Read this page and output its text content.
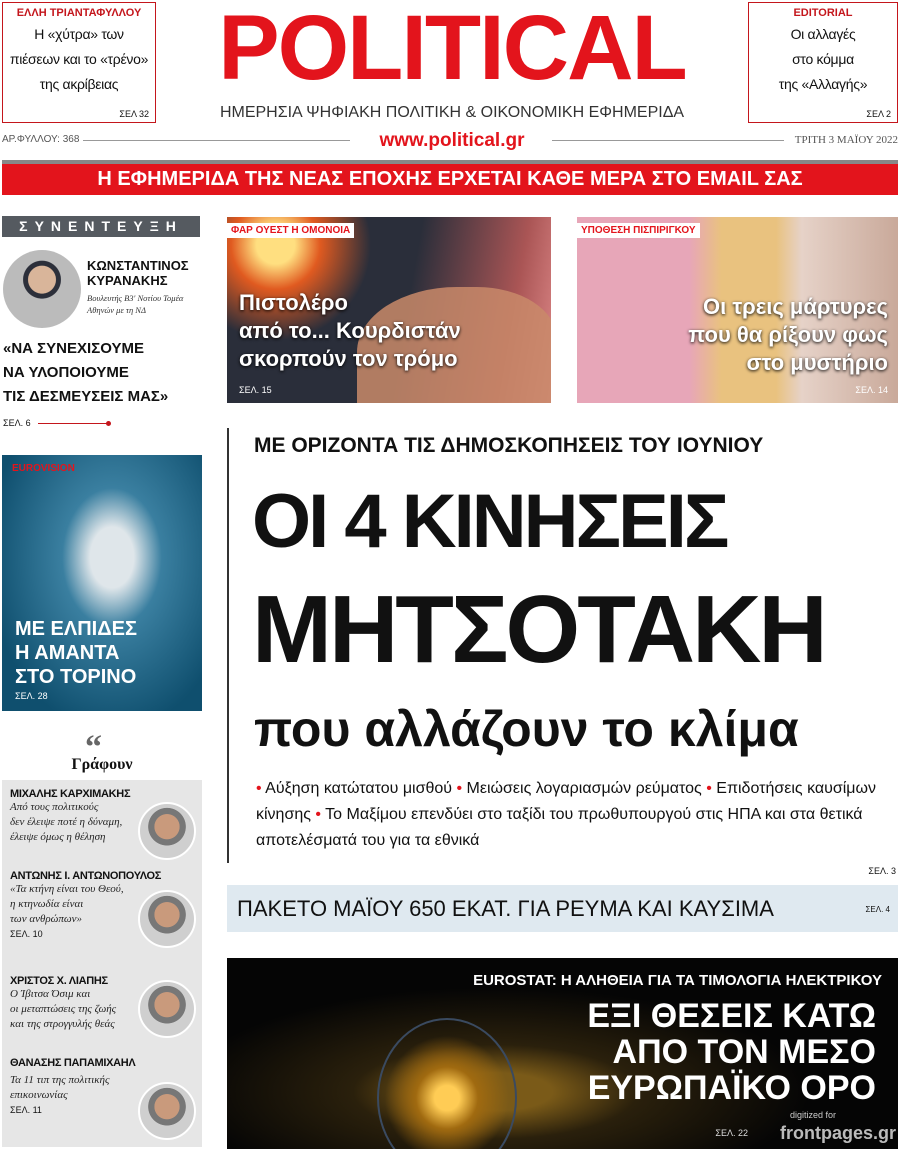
ΕΛΛΗ ΤΡΙΑΝΤΑΦΥΛΛΟΥ
Η «χύτρα» των
πιέσεων και το «τρένο»
της ακρίβειας
ΣΕΛ 32
POLITICAL
ΗΜΕΡΗΣΙΑ ΨΗΦΙΑΚΗ ΠΟΛΙΤΙΚΗ & ΟΙΚΟΝΟΜΙΚΗ ΕΦΗΜΕΡΙΔΑ
EDITORIAL
Οι αλλαγές
στο κόμμα
της «Αλλαγής»
ΣΕΛ 2
ΑΡ.ΦΥΛΛΟΥ: 368	www.political.gr	ΤΡΙΤΗ 3 ΜΑΪΟΥ 2022
Η ΕΦΗΜΕΡΙΔΑ ΤΗΣ ΝΕΑΣ ΕΠΟΧΗΣ ΕΡΧΕΤΑΙ ΚΑΘΕ ΜΕΡΑ ΣΤΟ EMAIL ΣΑΣ
ΣΥΝΕΝΤΕΥΞΗ
ΚΩΝΣΤΑΝΤΙΝΟΣ
ΚΥΡΑΝΑΚΗΣ
Βουλευτής Β3' Νοτίου Τομέα
Αθηνών με τη ΝΔ
«ΝΑ ΣΥΝΕΧΙΣΟΥΜΕ
ΝΑ ΥΛΟΠΟΙΟΥΜΕ
ΤΙΣ ΔΕΣΜΕΥΣΕΙΣ ΜΑΣ»
ΣΕΛ. 6
EUROVISION
ΜΕ ΕΛΠΙΔΕΣ
Η ΑΜΑΝΤΑ
ΣΤΟ ΤΟΡΙΝΟ
ΣΕΛ. 28
“
Γράφουν
ΜΙΧΑΛΗΣ ΚΑΡΧΙΜΑΚΗΣ
Από τους πολιτικούς
δεν έλειψε ποτέ η δύναμη,
έλειψε όμως η θέληση
ΑΝΤΩΝΗΣ Ι. ΑΝΤΩΝΟΠΟΥΛΟΣ
«Τα κτήνη είναι του Θεού,
η κτηνωδία είναι
των ανθρώπων»
ΣΕΛ. 10
ΧΡΙΣΤΟΣ Χ. ΛΙΑΠΗΣ
Ο Ίβιτσα Όσιμ και
οι μεταπτώσεις της ζωής
και της στρογγυλής θεάς
ΘΑΝΑΣΗΣ ΠΑΠΑΜΙΧΑΗΛ
Τα 11 τιπ της πολιτικής
επικοινωνίας
ΣΕΛ. 11
ΦΑΡ ΟΥΕΣΤ Η ΟΜΟΝΟΙΑ
Πιστολέρο
από το... Κουρδιστάν
σκορπούν τον τρόμο
ΣΕΛ. 15
ΥΠΟΘΕΣΗ ΠΙΣΠΙΡΙΓΚΟΥ
Οι τρεις μάρτυρες
που θα ρίξουν φως
στο μυστήριο
ΣΕΛ. 14
ΜΕ ΟΡΙΖΟΝΤΑ ΤΙΣ ΔΗΜΟΣΚΟΠΗΣΕΙΣ ΤΟΥ ΙΟΥΝΙΟΥ
ΟΙ 4 ΚΙΝΗΣΕΙΣ
ΜΗΤΣΟΤΑΚΗ
που αλλάζουν το κλίμα
• Αύξηση κατώτατου μισθού • Μειώσεις λογαριασμών ρεύματος • Επιδοτήσεις καυσίμων κίνησης • Το Μαξίμου επενδύει στο ταξίδι του πρωθυπουργού στις ΗΠΑ και στα θετικά αποτελέσματά του για τα εθνικά
ΣΕΛ. 3
ΠΑΚΕΤΟ ΜΑΪΟΥ 650 ΕΚΑΤ. ΓΙΑ ΡΕΥΜΑ ΚΑΙ ΚΑΥΣΙΜΑ	ΣΕΛ. 4
EUROSTAT: Η ΑΛΗΘΕΙΑ ΓΙΑ ΤΑ ΤΙΜΟΛΟΓΙΑ ΗΛΕΚΤΡΙΚΟΥ
ΕΞΙ ΘΕΣΕΙΣ ΚΑΤΩ
ΑΠΟ ΤΟΝ ΜΕΣΟ
ΕΥΡΩΠΑΪΚΟ ΟΡΟ
ΣΕΛ. 22
digitized for
frontpages.gr
